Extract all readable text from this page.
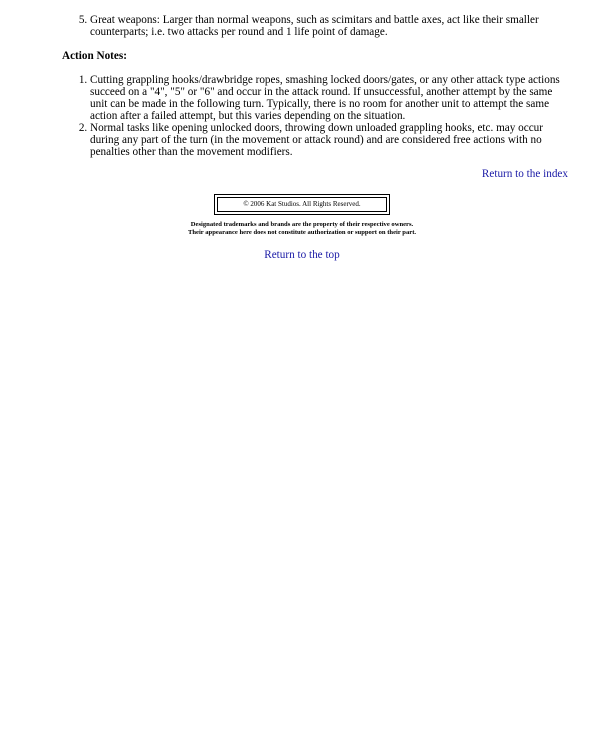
5. Great weapons: Larger than normal weapons, such as scimitars and battle axes, act like their smaller counterparts; i.e. two attacks per round and 1 life point of damage.
Action Notes:
1. Cutting grappling hooks/drawbridge ropes, smashing locked doors/gates, or any other attack type actions succeed on a "4", "5" or "6" and occur in the attack round. If unsuccessful, another attempt by the same unit can be made in the following turn. Typically, there is no room for another unit to attempt the same action after a failed attempt, but this varies depending on the situation.
2. Normal tasks like opening unlocked doors, throwing down unloaded grappling hooks, etc. may occur during any part of the turn (in the movement or attack round) and are considered free actions with no penalties other than the movement modifiers.
Return to the index
© 2006 Kat Studios. All Rights Reserved.
Designated trademarks and brands are the property of their respective owners.
Their appearance here does not constitute authorization or support on their part.
Return to the top
